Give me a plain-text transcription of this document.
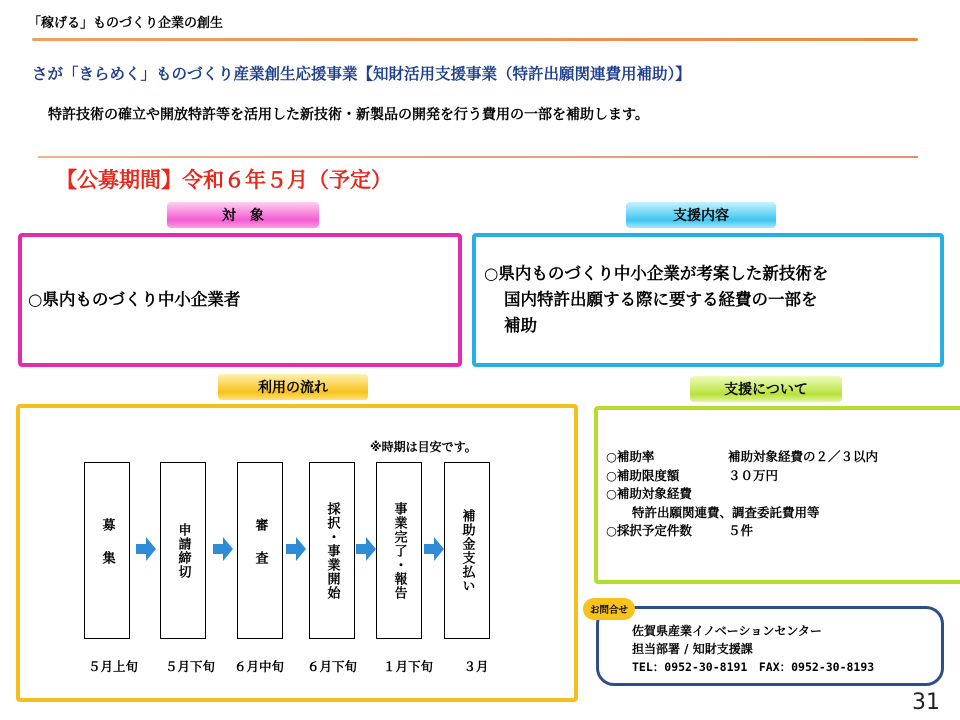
「稼げる」ものづくり企業の創生
さが「きらめく」ものづくり産業創生応援事業【知財活用支援事業（特許出願関連費用補助）】
特許技術の確立や開放特許等を活用した新技術・新製品の開発を行う費用の一部を補助します。
【公募期間】令和６年５月（予定）
対　象
○県内ものづくり中小企業者
支援内容
○県内ものづくり中小企業が考案した新技術を
国内特許出願する際に要する経費の一部を
補助
利用の流れ
※時期は目安です。
募集	申請締切	審査	採択・事業開始	事業完了・報告	補助金支払い
５月上旬	５月下旬	６月中旬	６月下旬	１月下旬	３月
支援について
○補助率	補助対象経費の２／３以内
○補助限度額	３０万円
○補助対象経費
特許出願関連費、調査委託費用等
○採択予定件数	５件
お問合せ
佐賀県産業イノベーションセンター
担当部署 / 知財支援課
TEL：0952-30-8191　FAX：0952-30-8193
31
